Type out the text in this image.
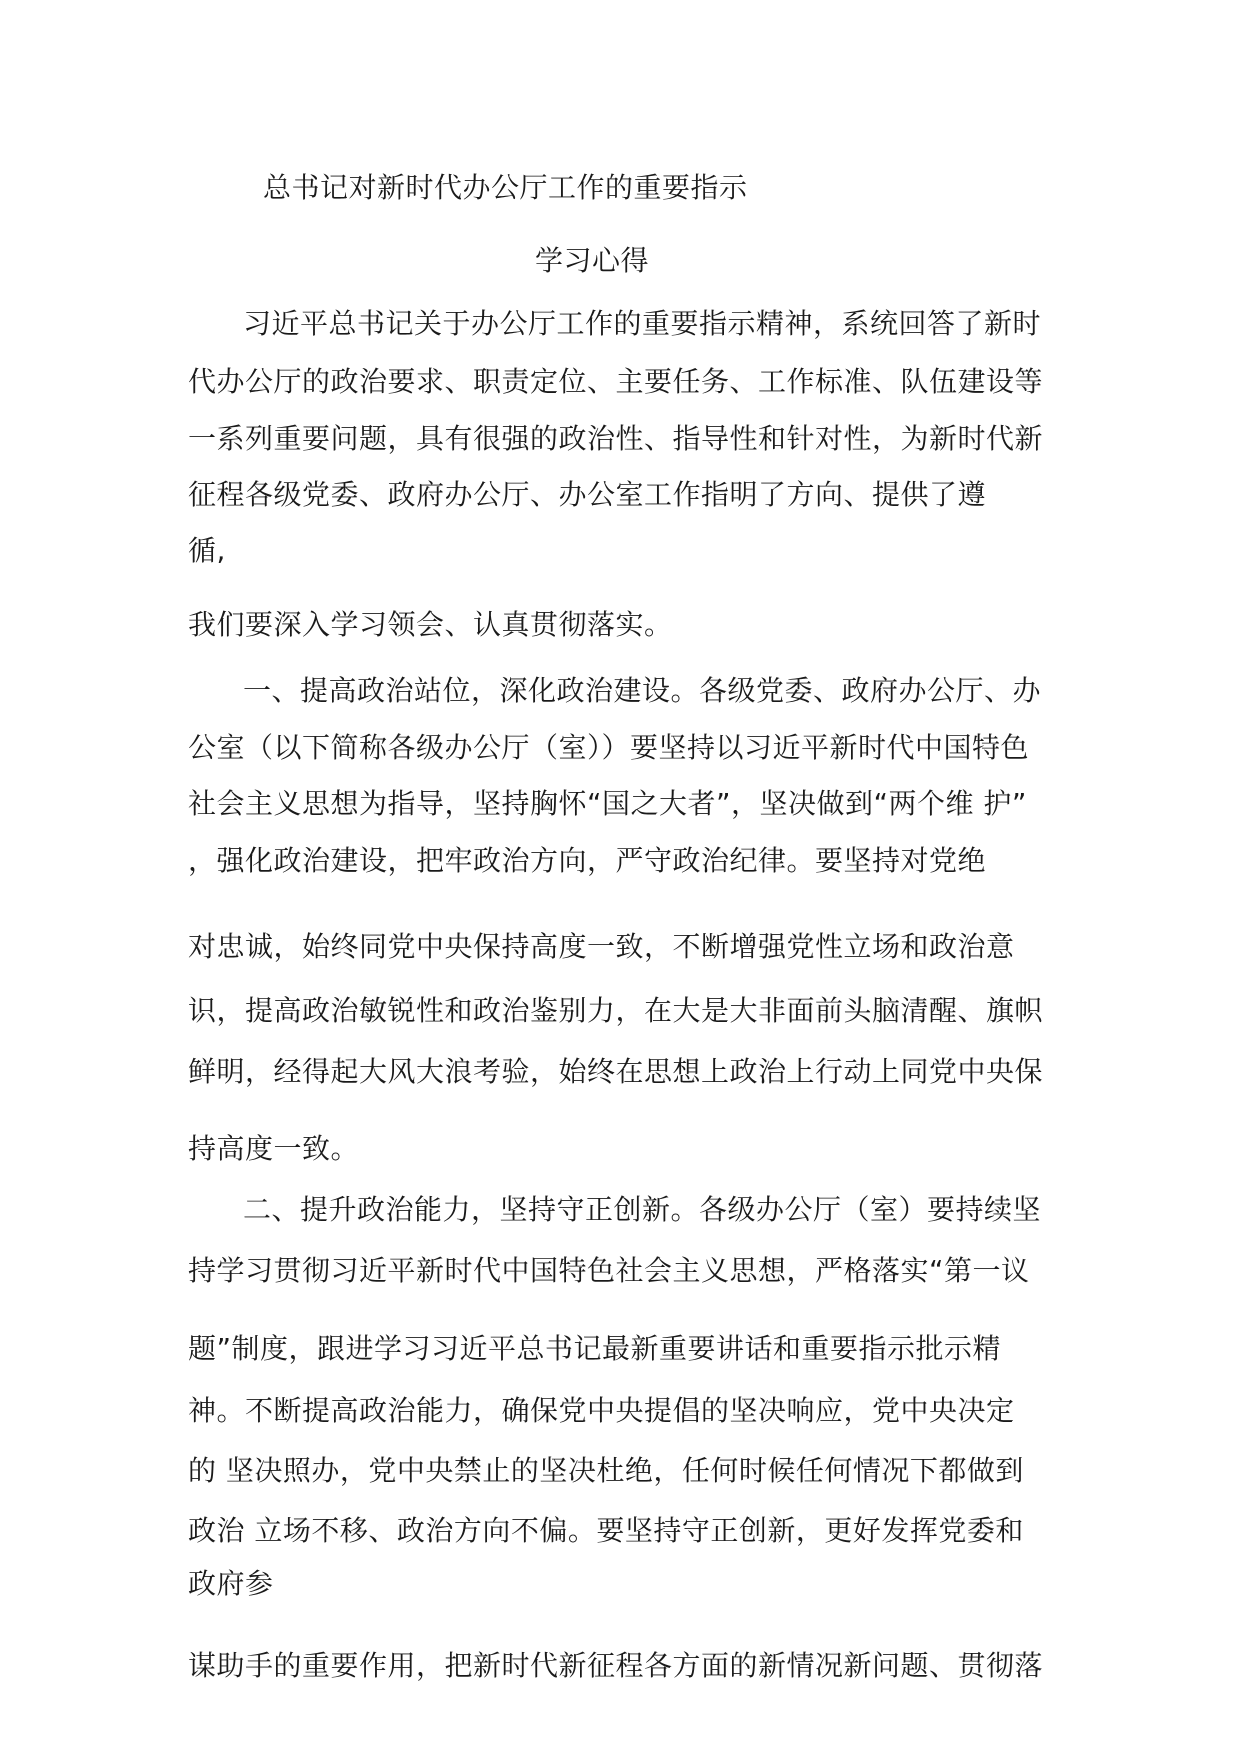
总书记对新时代办公厅工作的重要指示
学习心得
习近平总书记关于办公厅工作的重要指示精神，系统回答了新时
代办公厅的政治要求、职责定位、主要任务、工作标准、队伍建设等
一系列重要问题，具有很强的政治性、指导性和针对性，为新时代新
征程各级党委、政府办公厅、办公室工作指明了方向、提供了遵
循,
我们要深入学习领会、认真贯彻落实。
一、提高政治站位，深化政治建设。各级党委、政府办公厅、办
公室（以下简称各级办公厅（室））要坚持以习近平新时代中国特色
社会主义思想为指导，坚持胸怀“国之大者”，坚决做到“两个维 护”
，强化政治建设，把牢政治方向，严守政治纪律。要坚持对党绝
对忠诚，始终同党中央保持高度一致，不断增强党性立场和政治意
识，提高政治敏锐性和政治鉴别力，在大是大非面前头脑清醒、旗帜
鲜明，经得起大风大浪考验，始终在思想上政治上行动上同党中央保
持高度一致。
二、提升政治能力，坚持守正创新。各级办公厅（室）要持续坚
持学习贯彻习近平新时代中国特色社会主义思想，严格落实“第一议
题”制度，跟进学习习近平总书记最新重要讲话和重要指示批示精
神。不断提高政治能力，确保党中央提倡的坚决响应，党中央决定
的 坚决照办，党中央禁止的坚决杜绝，任何时候任何情况下都做到
政治 立场不移、政治方向不偏。要坚持守正创新，更好发挥党委和
政府参
谋助手的重要作用，把新时代新征程各方面的新情况新问题、贯彻落
